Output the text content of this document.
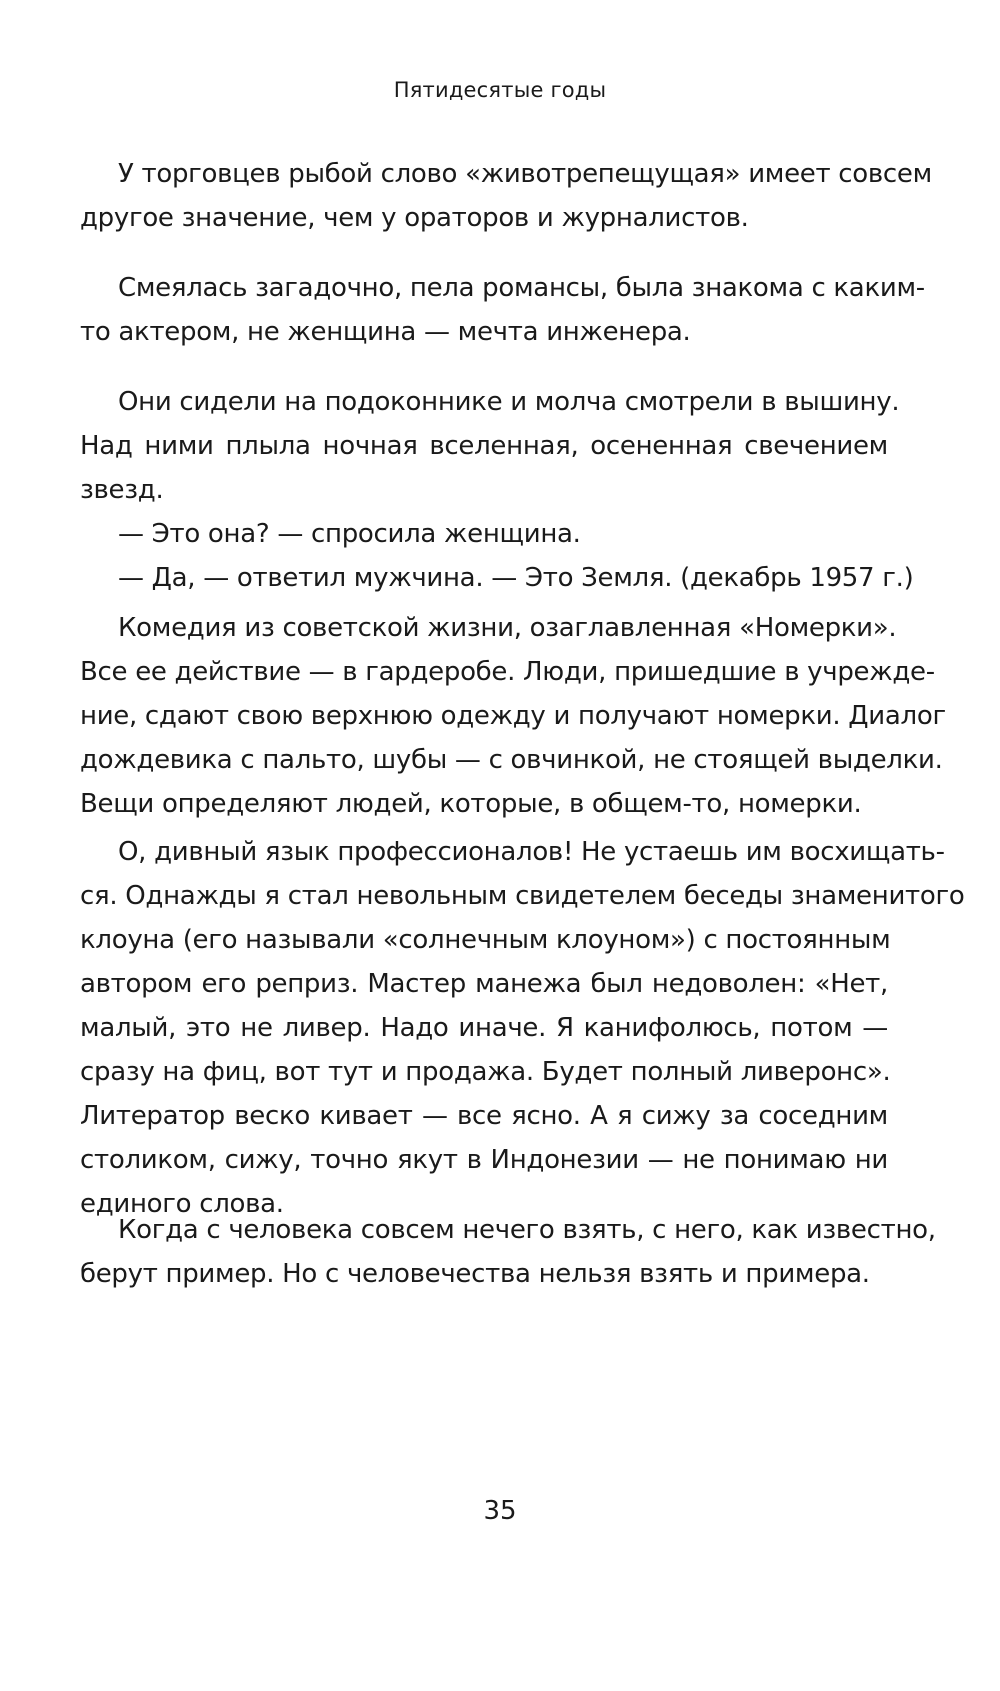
Пятидесятые годы
У торговцев рыбой слово «животрепещущая» имеет совсем
другое значение, чем у ораторов и журналистов.
Смеялась загадочно, пела романсы, была знакома с каким-
то актером, не женщина — мечта инженера.
Они сидели на подоконнике и молча смотрели в вышину.
Над ними плыла ночная вселенная, осененная свечением
звезд.
— Это она? — спросила женщина.
— Да, — ответил мужчина. — Это Земля. (декабрь 1957 г.)
Комедия из советской жизни, озаглавленная «Номерки».
Все ее действие — в гардеробе. Люди, пришедшие в учрежде-
ние, сдают свою верхнюю одежду и получают номерки. Диалог
дождевика с пальто, шубы — с овчинкой, не стоящей выделки.
Вещи определяют людей, которые, в общем-то, номерки.
О, дивный язык профессионалов! Не устаешь им восхищать-
ся. Однажды я стал невольным свидетелем беседы знаменитого
клоуна (его называли «солнечным клоуном») с постоянным
автором его реприз. Мастер манежа был недоволен: «Нет,
малый, это не ливер. Надо иначе. Я канифолюсь, потом —
сразу на фиц, вот тут и продажа. Будет полный ливеронс».
Литератор веско кивает — все ясно. А я сижу за соседним
столиком, сижу, точно якут в Индонезии — не понимаю ни
единого слова.
Когда с человека совсем нечего взять, с него, как известно,
берут пример. Но с человечества нельзя взять и примера.
35
